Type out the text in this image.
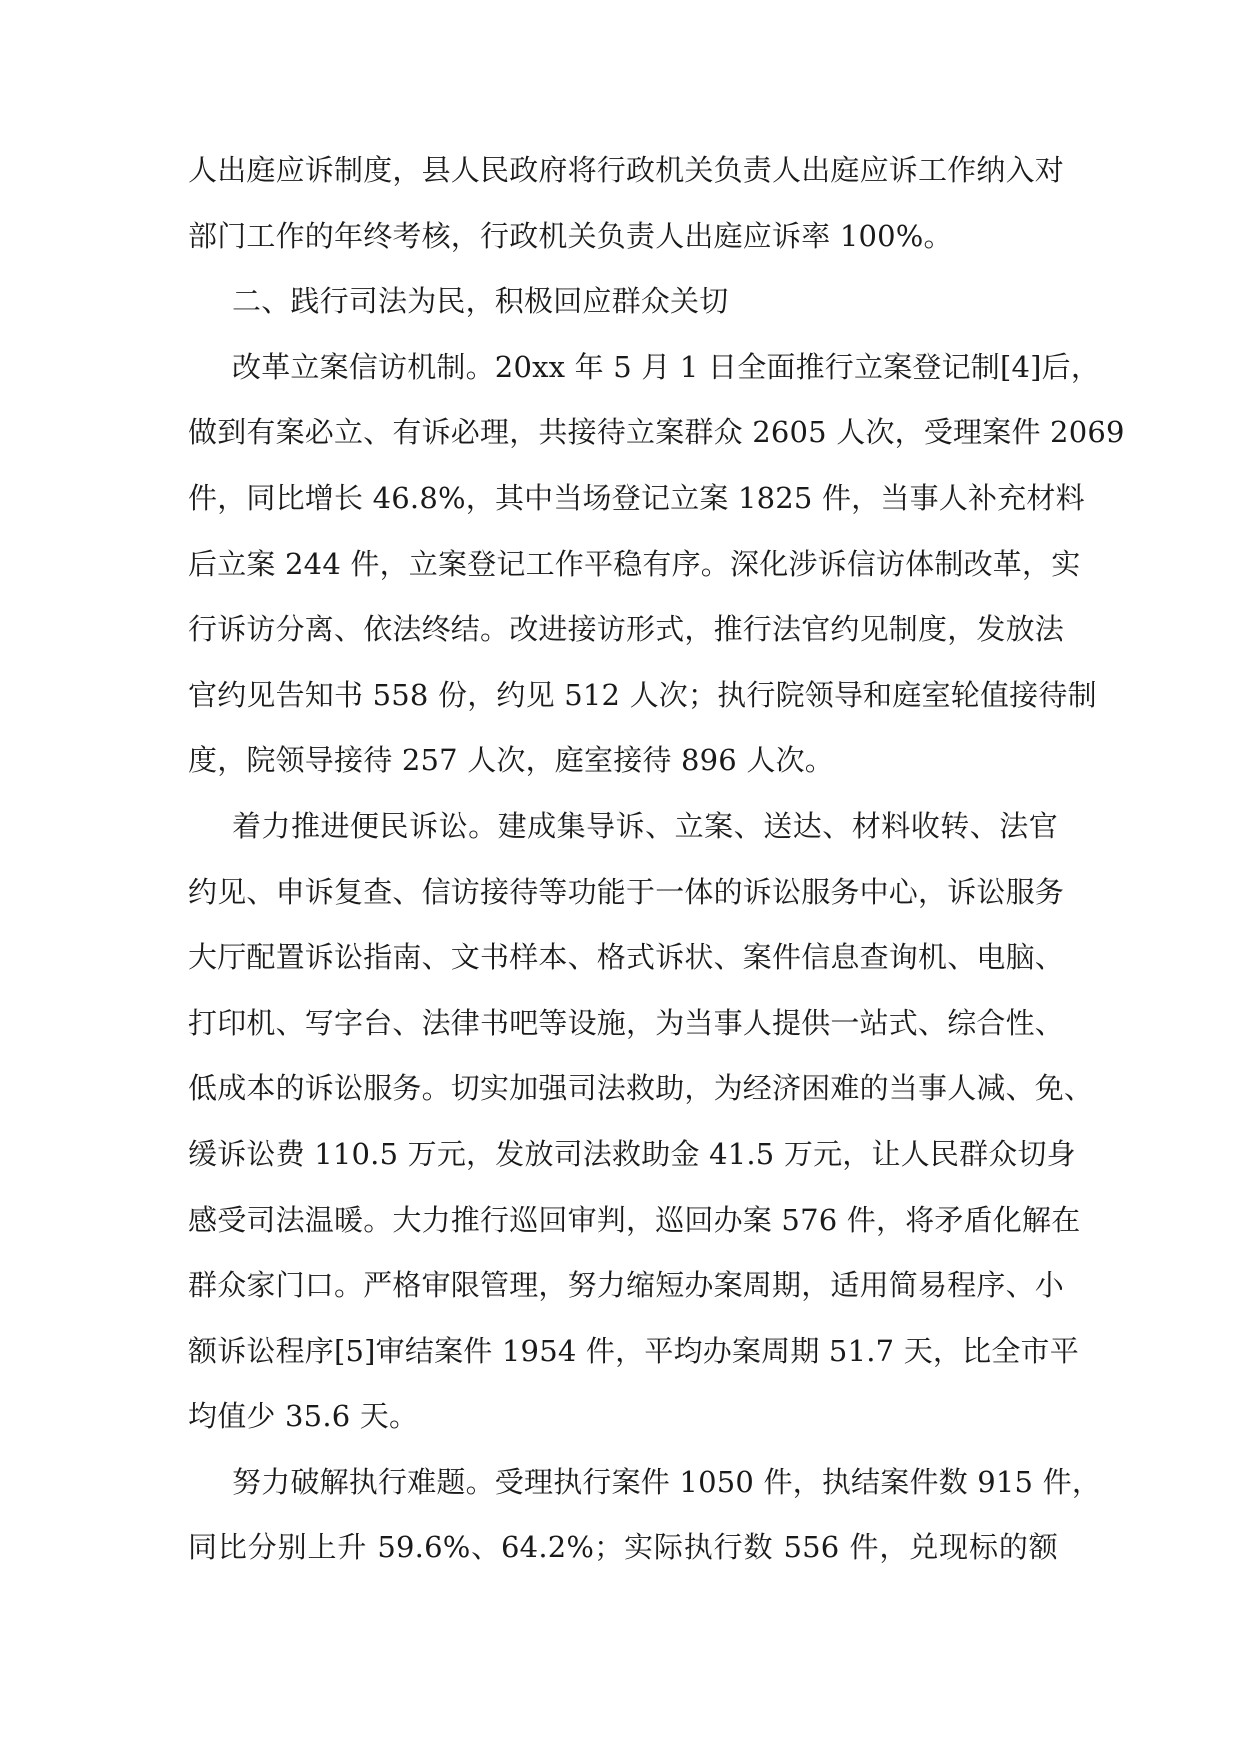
人出庭应诉制度，县人民政府将行政机关负责人出庭应诉工作纳入对
部门工作的年终考核，行政机关负责人出庭应诉率 100%。
二、践行司法为民，积极回应群众关切
改革立案信访机制。20xx 年 5 月 1 日全面推行立案登记制[4]后，
做到有案必立、有诉必理，共接待立案群众 2605 人次，受理案件 2069
件，同比增长 46.8%，其中当场登记立案 1825 件，当事人补充材料
后立案 244 件，立案登记工作平稳有序。深化涉诉信访体制改革，实
行诉访分离、依法终结。改进接访形式，推行法官约见制度，发放法
官约见告知书 558 份，约见 512 人次；执行院领导和庭室轮值接待制
度，院领导接待 257 人次，庭室接待 896 人次。
着力推进便民诉讼。建成集导诉、立案、送达、材料收转、法官
约见、申诉复查、信访接待等功能于一体的诉讼服务中心，诉讼服务
大厅配置诉讼指南、文书样本、格式诉状、案件信息查询机、电脑、
打印机、写字台、法律书吧等设施，为当事人提供一站式、综合性、
低成本的诉讼服务。切实加强司法救助，为经济困难的当事人减、免、
缓诉讼费 110.5 万元，发放司法救助金 41.5 万元，让人民群众切身
感受司法温暖。大力推行巡回审判，巡回办案 576 件，将矛盾化解在
群众家门口。严格审限管理，努力缩短办案周期，适用简易程序、小
额诉讼程序[5]审结案件 1954 件，平均办案周期 51.7 天，比全市平
均值少 35.6 天。
努力破解执行难题。受理执行案件 1050 件，执结案件数 915 件，
同比分别上升 59.6%、64.2%；实际执行数 556 件，兑现标的额
